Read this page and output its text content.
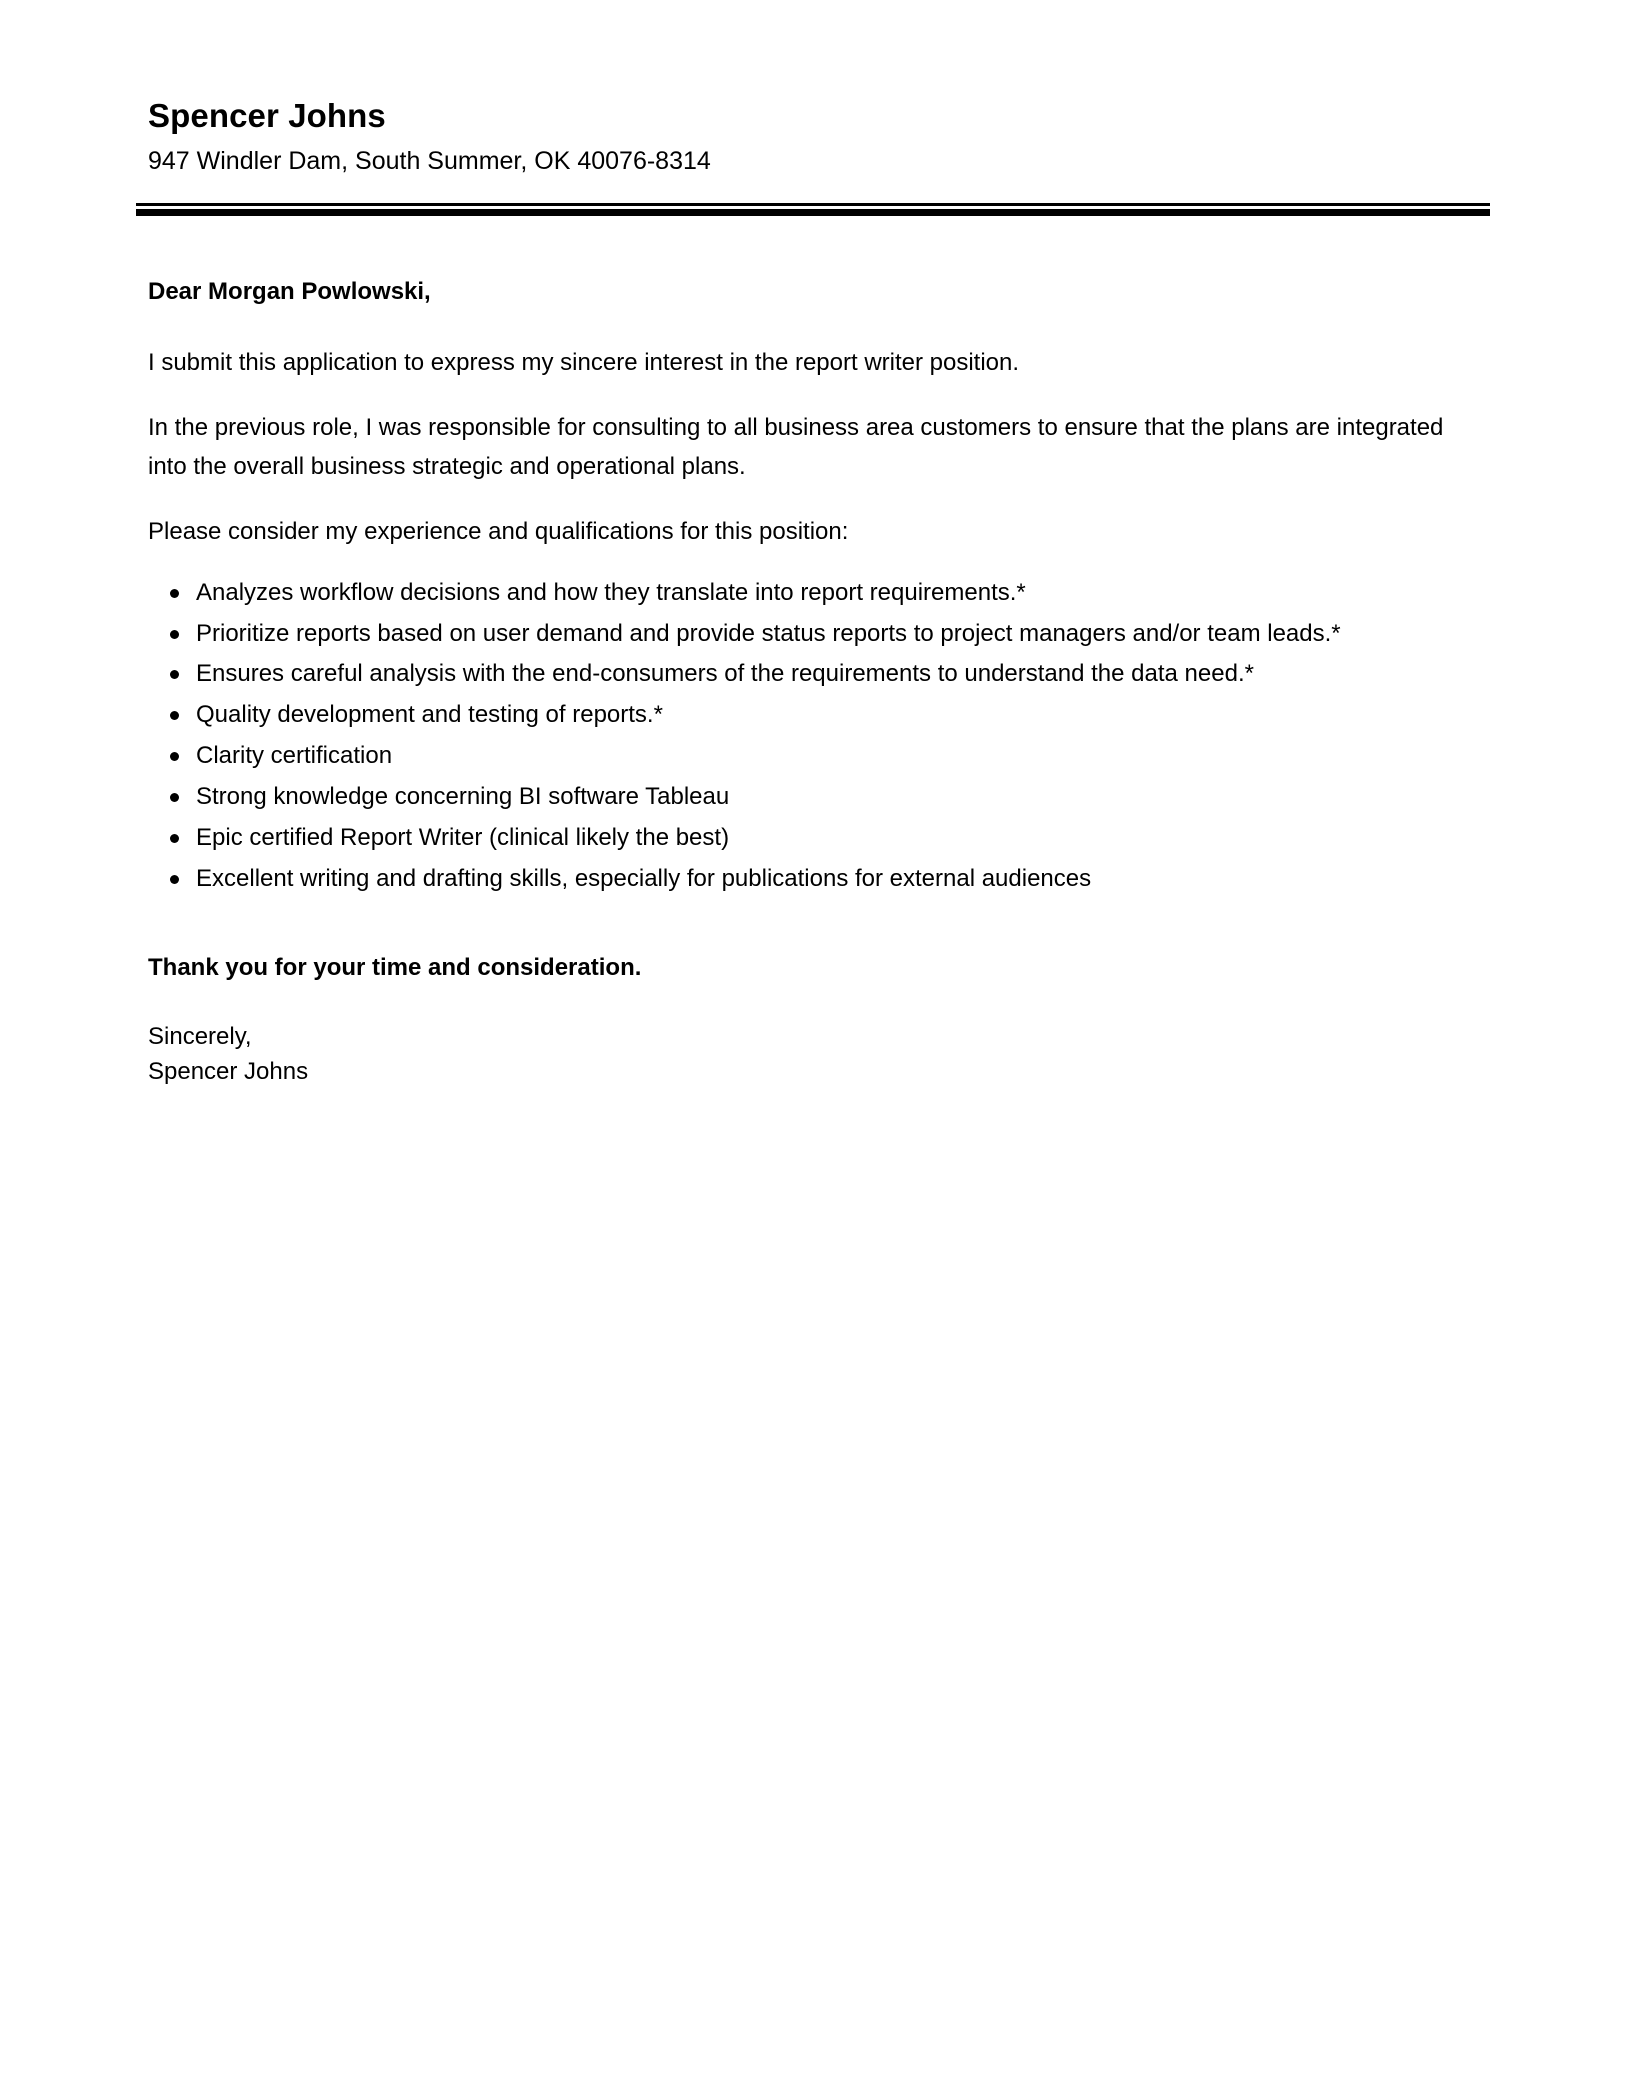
Spencer Johns

947 Windler Dam, South Summer, OK 40076-8314

Dear Morgan Powlowski,

I submit this application to express my sincere interest in the report writer position.

In the previous role, I was responsible for consulting to all business area customers to ensure that the plans are integrated into the overall business strategic and operational plans.

Please consider my experience and qualifications for this position:

Analyzes workflow decisions and how they translate into report requirements.*
Prioritize reports based on user demand and provide status reports to project managers and/or team leads.*
Ensures careful analysis with the end-consumers of the requirements to understand the data need.*
Quality development and testing of reports.*
Clarity certification
Strong knowledge concerning BI software Tableau
Epic certified Report Writer (clinical likely the best)
Excellent writing and drafting skills, especially for publications for external audiences

Thank you for your time and consideration.

Sincerely,
Spencer Johns
